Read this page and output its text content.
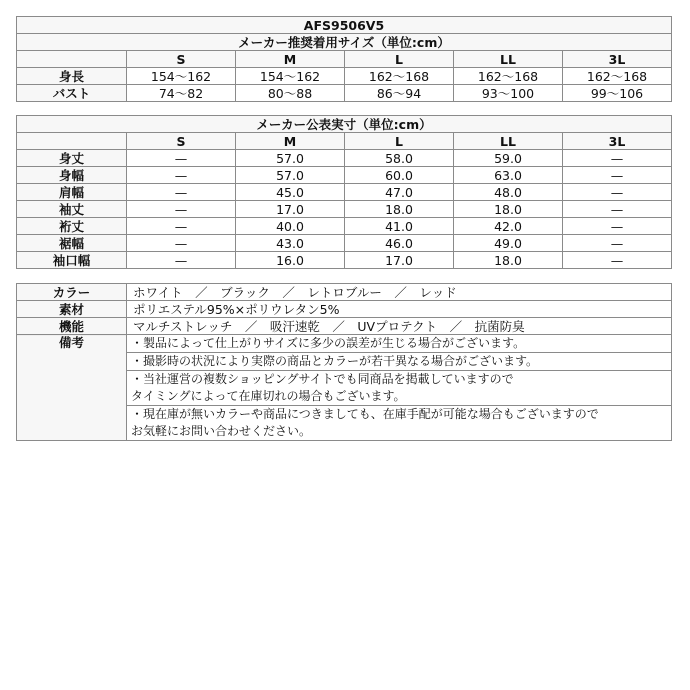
AFS9506V5					
メーカー推奨着用サイズ（単位:cm）					
	S	M	L	LL	3L
身長	154～162	154～162	162～168	162～168	162～168
バスト	74～82	80～88	86～94	93～100	99～106
メーカー公表実寸（単位:cm）					
	S	M	L	LL	3L
身丈	—	57.0	58.0	59.0	—
身幅	—	57.0	60.0	63.0	—
肩幅	—	45.0	47.0	48.0	—
袖丈	—	17.0	18.0	18.0	—
裄丈	—	40.0	41.0	42.0	—
裾幅	—	43.0	46.0	49.0	—
袖口幅	—	16.0	17.0	18.0	—
カラー	ホワイト　／　ブラック　／　レトロブルー　／　レッド
素材	ポリエステル95%×ポリウレタン5%
機能	マルチストレッチ　／　吸汗速乾　／　UVプロテクト　／　抗菌防臭
備考	・製品によって仕上がりサイズに多少の誤差が生じる場合がございます。
	・撮影時の状況により実際の商品とカラーが若干異なる場合がございます。
	・当社運営の複数ショッピングサイトでも同商品を掲載していますので
タイミングによって在庫切れの場合もございます。
	・現在庫が無いカラーや商品につきましても、在庫手配が可能な場合もございますので
お気軽にお問い合わせください。
